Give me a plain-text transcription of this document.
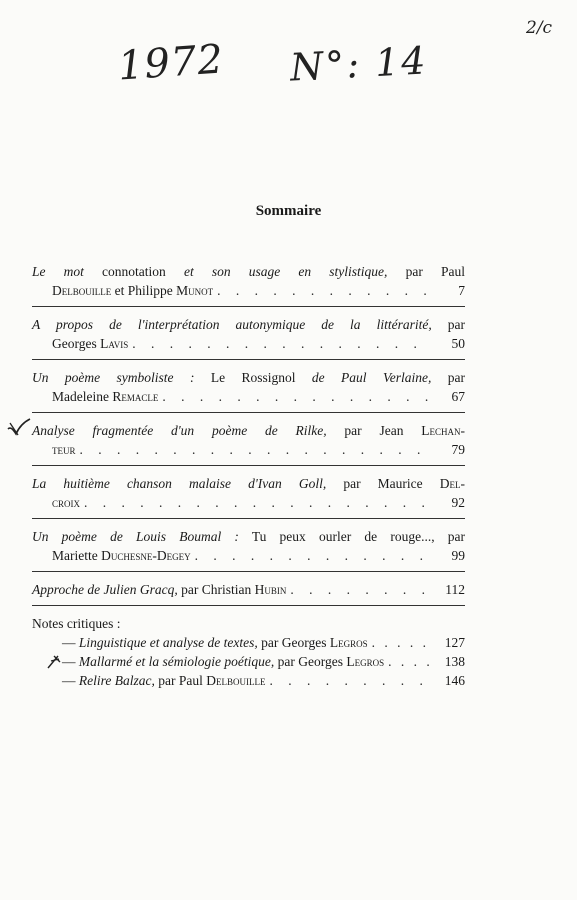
1972 N°: 14
2/c
Sommaire
Le mot connotation et son usage en stylistique, par Paul
Delbouille et Philippe Munot . . .	7
A propos de l'interprétation autonymique de la littérarité, par
Georges Lavis . . .	50
Un poème symboliste : Le Rossignol de Paul Verlaine, par
Madeleine Remacle . . .	67
Analyse fragmentée d'un poème de Rilke, par Jean Lechan-
teur . . .	79
La huitième chanson malaise d'Ivan Goll, par Maurice Del-
croix . . .	92
Un poème de Louis Boumal : Tu peux ourler de rouge..., par
Mariette Duchesne-Degey . . .	99
Approche de Julien Gracq, par Christian Hubin . . .	112
Notes critiques :
— Linguistique et analyse de textes, par Georges Legros . . .	127
— Mallarmé et la sémiologie poétique, par Georges Legros . . .	138
— Relire Balzac, par Paul Delbouille . . .	146
